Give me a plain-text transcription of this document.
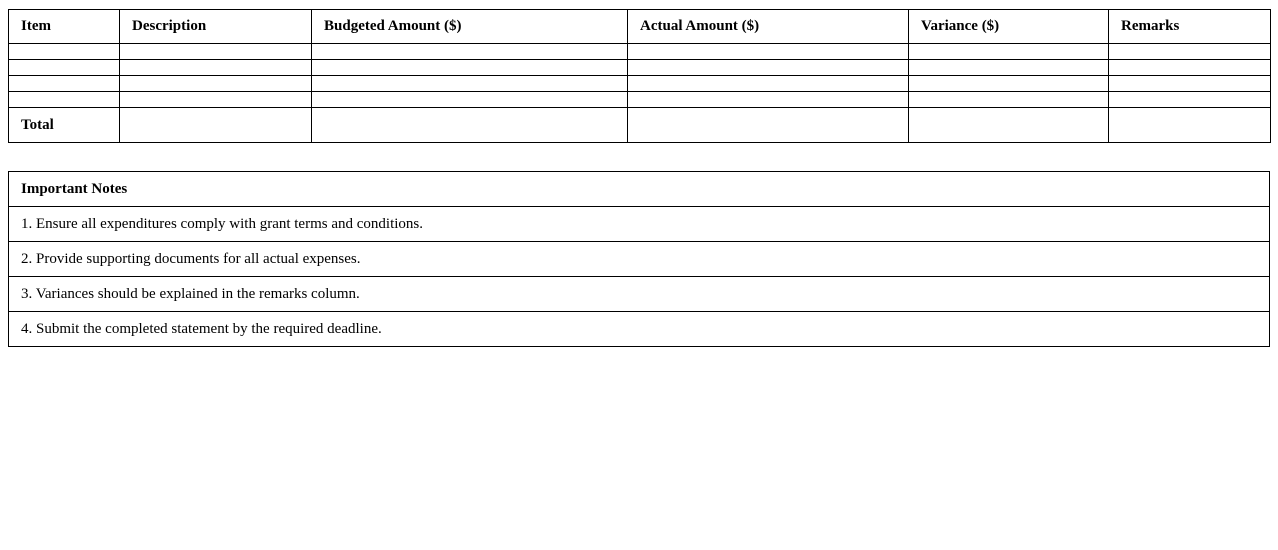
Item	Description	Budgeted Amount ($)	Actual Amount ($)	Variance ($)	Remarks

Total					
Important Notes
1. Ensure all expenditures comply with grant terms and conditions.
2. Provide supporting documents for all actual expenses.
3. Variances should be explained in the remarks column.
4. Submit the completed statement by the required deadline.
